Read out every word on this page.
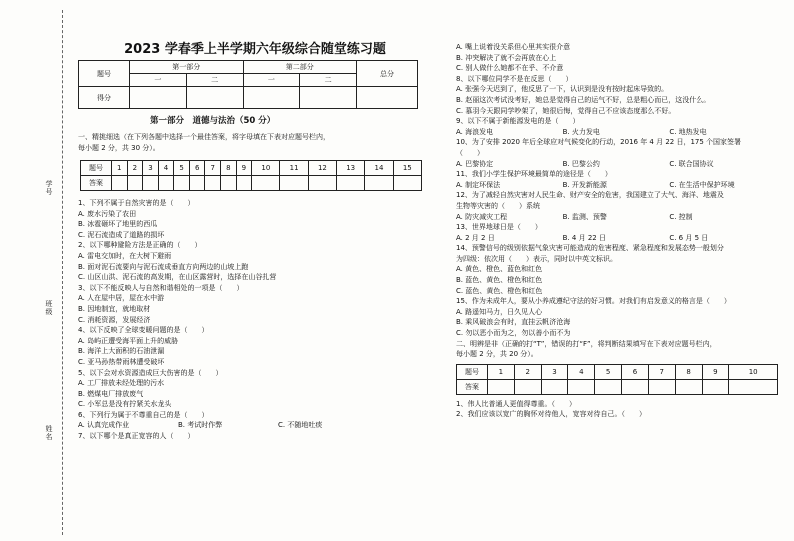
学号
班级
姓名
2023 学春季上半学期六年级综合随堂练习题
题号	第一部分		第二部分		总分
	一	二	一	二	
得分					
第一部分　道德与法治（50 分）
一、精挑细选（在下列各题中选择一个最佳答案，将字母填在下表对应题号栏内，
每小题 2 分，共 30 分）。
题号	1	2	3	4	5	6	7	8	9	10	11	12	13	14	15
答案															
1、下列不属于自然灾害的是（　　）
A. 废水污染了农田
B. 冰雹砸坏了地里的西瓜
C. 泥石流造成了道路的损坏
2、以下哪种避险方法是正确的（　　）
A. 雷电交加时，在大树下避雨
B. 面对泥石流要向与泥石流成垂直方向两边的山坡上跑
C. 山区山洪、泥石流的高发期，在山区露营时，选择在山谷扎营
3、以下不能反映人与自然和谐相处的一项是（　　）
A. 人在屋中居，屋在水中游
B. 因地制宜，就地取材
C. 消耗资源，发展经济
4、以下反映了全球变暖问题的是（　　）
A. 岛屿正遭受海平面上升的威胁
B. 海洋上大面积的石油泄漏
C. 亚马孙热带雨林遭受破坏
5、以下会对水资源造成巨大伤害的是（　　）
A. 工厂排放未经处理的污水
B. 燃煤电厂排放废气
C. 小军总是没有拧紧关水龙头
6、下列行为属于不尊重自己的是（　　）
A. 认真完成作业	B. 考试时作弊	C. 不随地吐痰
7、以下哪个是真正宽容的人（　　）
A. 嘴上说着没关系但心里其实很介意
B. 冲突解决了就不会再放在心上
C. 别人做什么她都不在乎、不介意
8、以下哪位同学不是在反思（　　）
A. 张强今天迟到了，他反思了一下，认识到是没有按时起床导致的。
B. 赵丽这次考试没考好，她总是觉得自己的运气不好，总是粗心而已，这没什么。
C. 慕羽今天跟同学吵架了，她很后悔，觉得自己不应该态度那么不好。
9、以下不属于新能源发电的是（　　）
A. 海浪发电	B. 火力发电	C. 地热发电
10、为了安排 2020 年后全球应对气候变化的行动，2016 年 4 月 22 日，175 个国家签署
（　　）
A. 巴黎协定	B. 巴黎公约	C. 联合国协议
11、我们小学生保护环境最简单的途径是（　　）
A. 制定环保法	B. 开发新能源	C. 在生活中保护环境
12、为了减轻自然灾害对人民生命、财产安全的危害，我国建立了大气、海洋、地震及
生物等灾害的（　　）系统
A. 防灾减灾工程	B. 监测、预警	C. 控制
13、世界地球日是（　　）
A. 2 月 2 日	B. 4 月 22 日	C. 6 月 5 日
14、预警信号的级别依据气象灾害可能造成的危害程度、紧急程度和发展态势一般划分
为四级：依次用（　　）表示，同时以中英文标识。
A. 黄色、橙色、蓝色和红色
B. 蓝色、黄色、橙色和红色
C. 蓝色、黄色、橙色和红色
15、作为未成年人，要从小养成遵纪守法的好习惯。对我们有启发意义的格言是（　　）
A. 路遥知马力，日久见人心
B. 乘风破浪会有时，直挂云帆济沧海
C. 勿以恶小而为之，勿以善小而不为
二、明辨是非（正确的打“T”，错误的打“F”，将判断结果填写在下表对应题号栏内，
每小题 2 分，共 20 分）。
题号	1	2	3	4	5	6	7	8	9	10
答案										
1、伟人比普通人更值得尊重。（　　）
2、我们应该以宽广的胸怀对待他人，宽容对待自己。（　　）
